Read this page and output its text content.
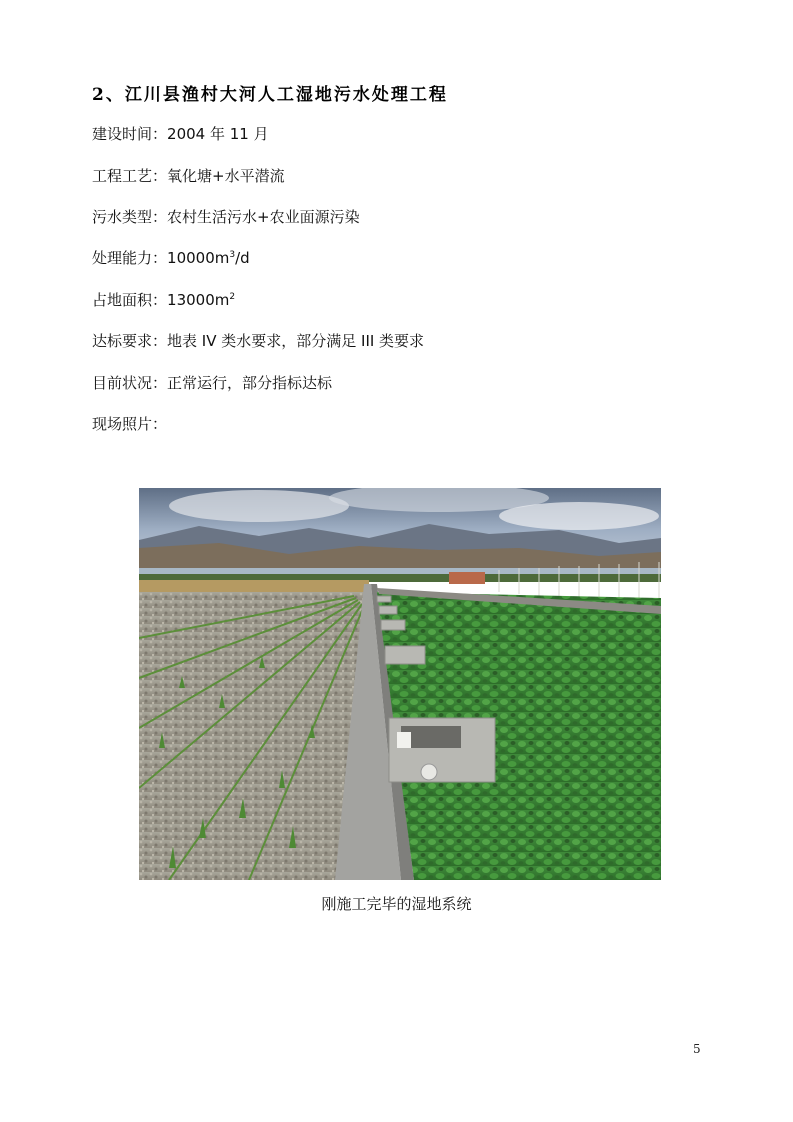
2、江川县渔村大河人工湿地污水处理工程
建设时间 ： 2004 年 11 月
工程工艺 ： 氧化塘+水平潜流
污水类型 ： 农村生活污水+农业面源污染
处理能力 ： $10000m^3/d$
占地面积 ： $13000m^2$
达标要求 ： 地表 IV 类水要求，部分满足 III 类要求
目前状况 ： 正常运行，部分指标达标
现场照片 ：
刚施工完毕的湿地系统
5
